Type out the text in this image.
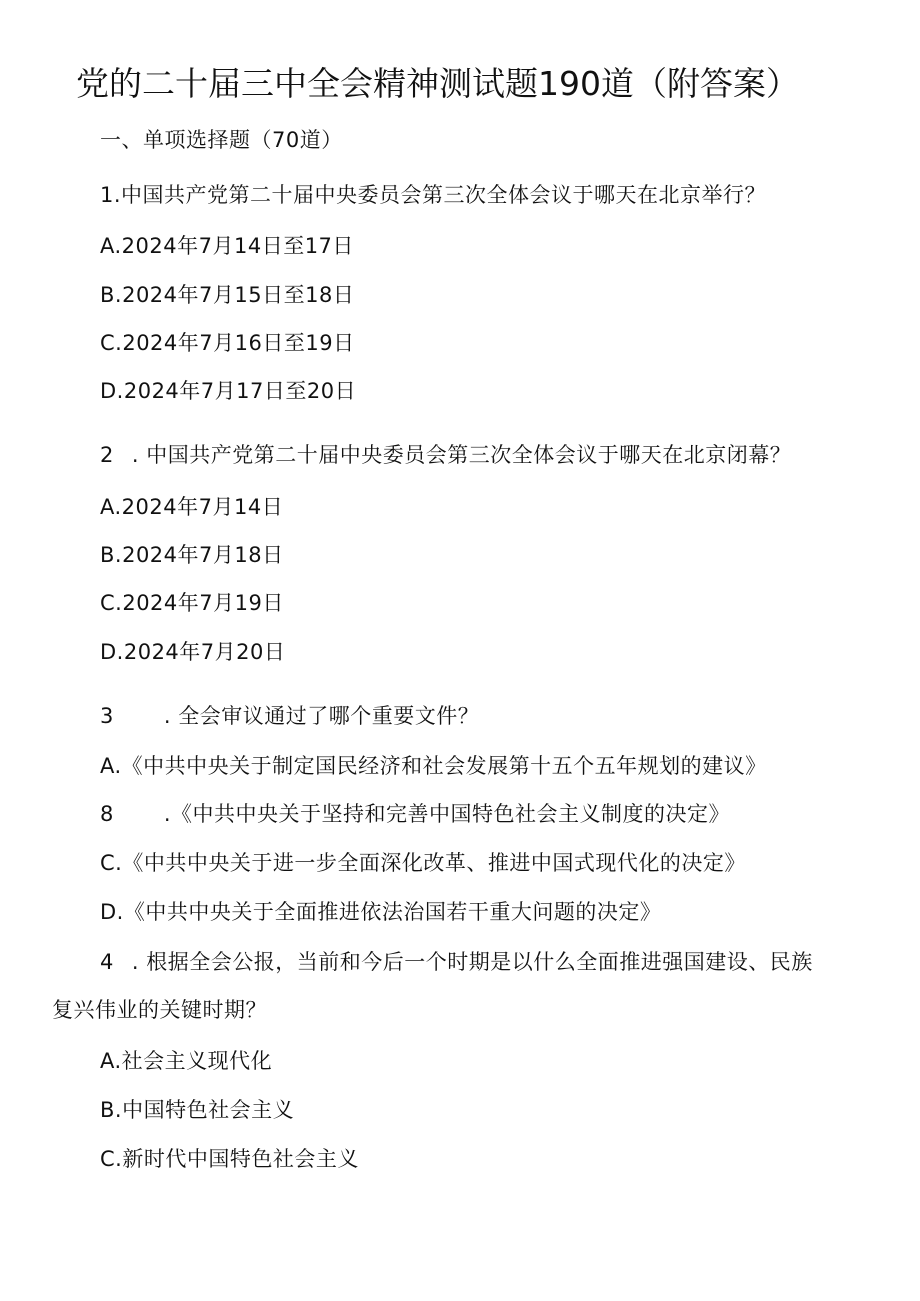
党的二十届三中全会精神测试题190道（附答案）
一、单项选择题（70道）
1.中国共产党第二十届中央委员会第三次全体会议于哪天在北京举行？
A.2024年7月14日至17日
B.2024年7月15日至18日
C.2024年7月16日至19日
D.2024年7月17日至20日
2 . 中国共产党第二十届中央委员会第三次全体会议于哪天在北京闭幕？
A.2024年7月14日
B.2024年7月18日
C.2024年7月19日
D.2024年7月20日
3 . 全会审议通过了哪个重要文件？
A.《中共中央关于制定国民经济和社会发展第十五个五年规划的建议》
8 .《中共中央关于坚持和完善中国特色社会主义制度的决定》
C.《中共中央关于进一步全面深化改革、推进中国式现代化的决定》
D.《中共中央关于全面推进依法治国若干重大问题的决定》
4 . 根据全会公报，当前和今后一个时期是以什么全面推进强国建设、民族
复兴伟业的关键时期？
A.社会主义现代化
B.中国特色社会主义
C.新时代中国特色社会主义
